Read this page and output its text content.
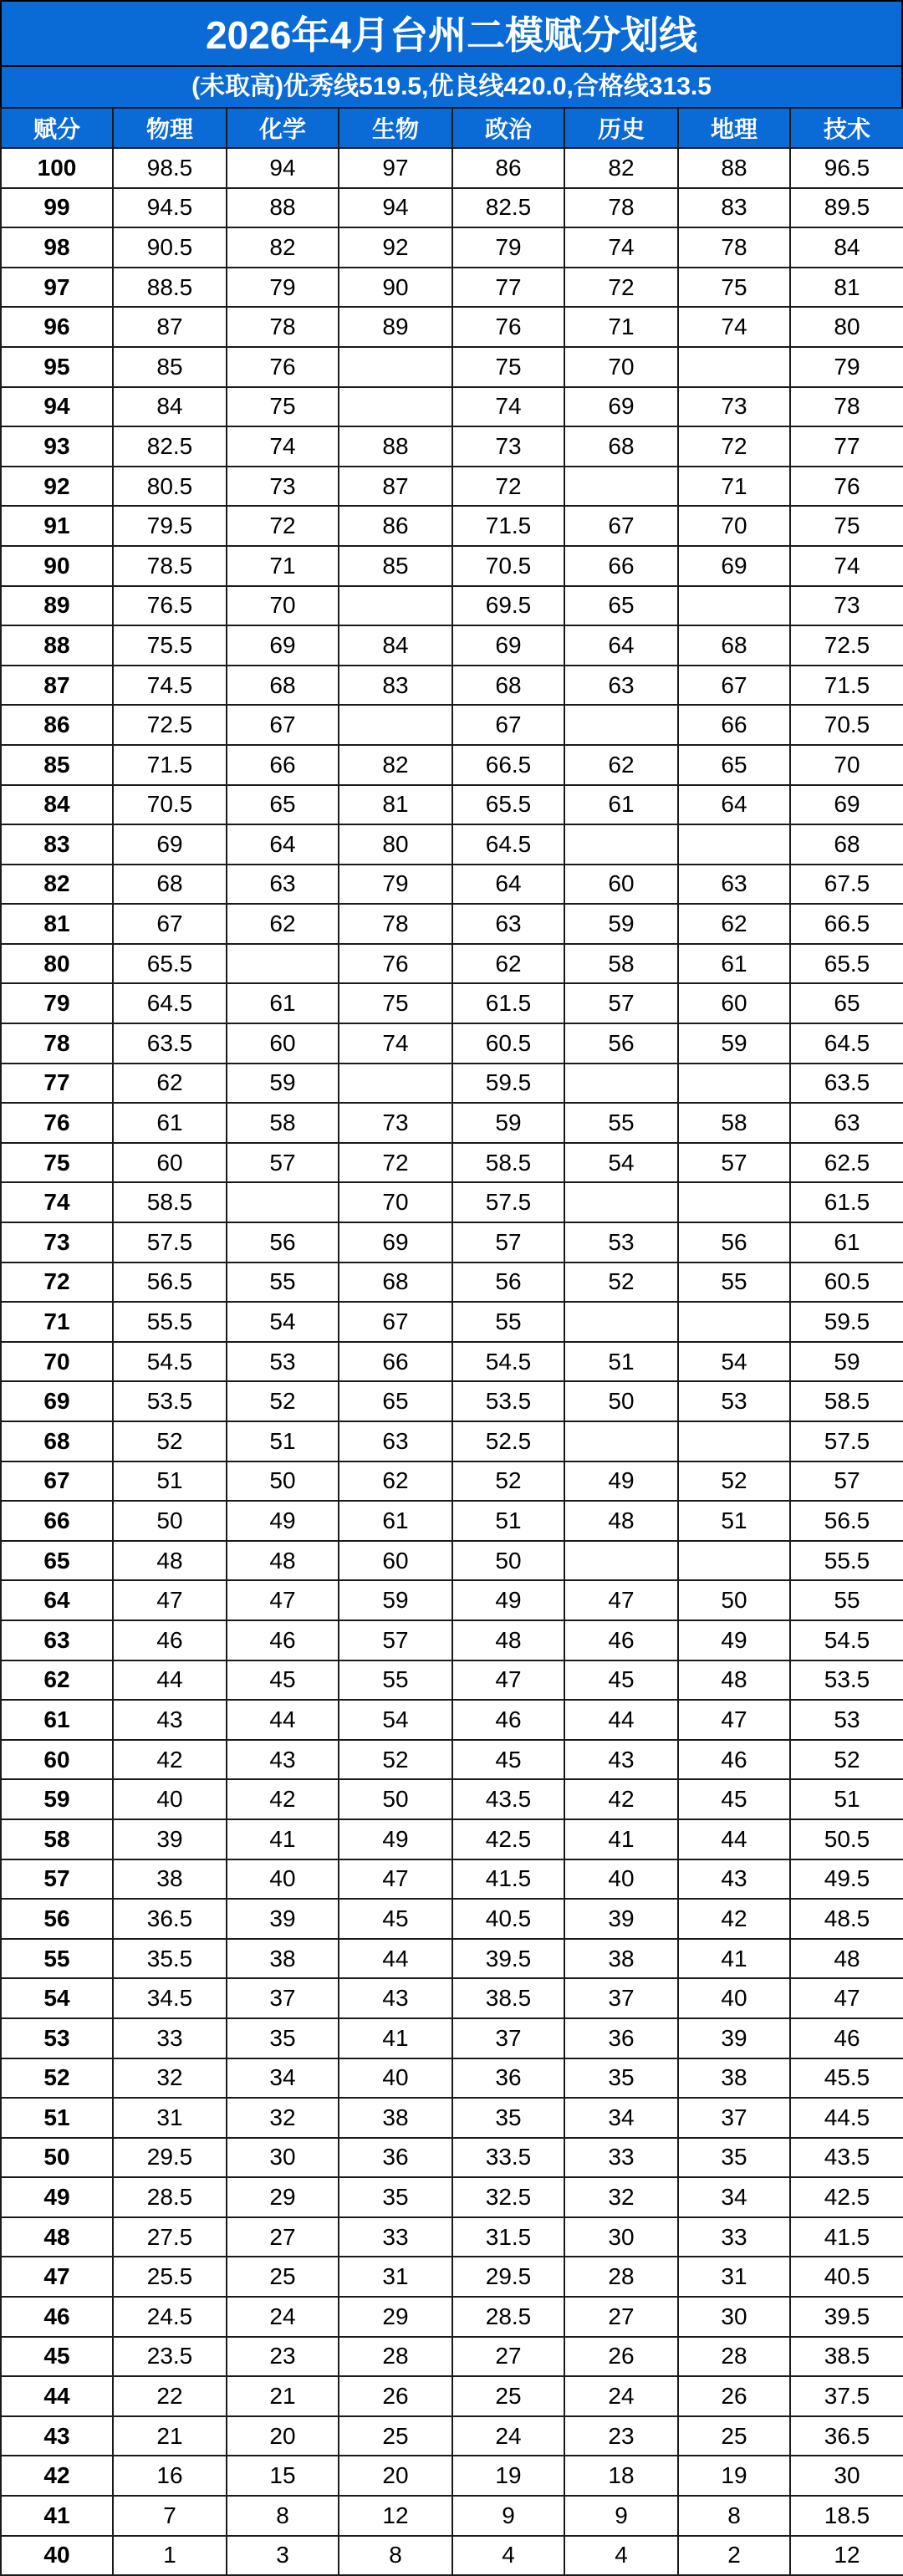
2026年4月台州二模赋分划线
(未取高)优秀线519.5,优良线420.0,合格线313.5
赋分	物理	化学	生物	政治	历史	地理	技术
100	98.5	94	97	86	82	88	96.5
99	94.5	88	94	82.5	78	83	89.5
98	90.5	82	92	79	74	78	84
97	88.5	79	90	77	72	75	81
96	87	78	89	76	71	74	80
95	85	76		75	70		79
94	84	75		74	69	73	78
93	82.5	74	88	73	68	72	77
92	80.5	73	87	72		71	76
91	79.5	72	86	71.5	67	70	75
90	78.5	71	85	70.5	66	69	74
89	76.5	70		69.5	65		73
88	75.5	69	84	69	64	68	72.5
87	74.5	68	83	68	63	67	71.5
86	72.5	67		67		66	70.5
85	71.5	66	82	66.5	62	65	70
84	70.5	65	81	65.5	61	64	69
83	69	64	80	64.5			68
82	68	63	79	64	60	63	67.5
81	67	62	78	63	59	62	66.5
80	65.5		76	62	58	61	65.5
79	64.5	61	75	61.5	57	60	65
78	63.5	60	74	60.5	56	59	64.5
77	62	59		59.5			63.5
76	61	58	73	59	55	58	63
75	60	57	72	58.5	54	57	62.5
74	58.5		70	57.5			61.5
73	57.5	56	69	57	53	56	61
72	56.5	55	68	56	52	55	60.5
71	55.5	54	67	55			59.5
70	54.5	53	66	54.5	51	54	59
69	53.5	52	65	53.5	50	53	58.5
68	52	51	63	52.5			57.5
67	51	50	62	52	49	52	57
66	50	49	61	51	48	51	56.5
65	48	48	60	50			55.5
64	47	47	59	49	47	50	55
63	46	46	57	48	46	49	54.5
62	44	45	55	47	45	48	53.5
61	43	44	54	46	44	47	53
60	42	43	52	45	43	46	52
59	40	42	50	43.5	42	45	51
58	39	41	49	42.5	41	44	50.5
57	38	40	47	41.5	40	43	49.5
56	36.5	39	45	40.5	39	42	48.5
55	35.5	38	44	39.5	38	41	48
54	34.5	37	43	38.5	37	40	47
53	33	35	41	37	36	39	46
52	32	34	40	36	35	38	45.5
51	31	32	38	35	34	37	44.5
50	29.5	30	36	33.5	33	35	43.5
49	28.5	29	35	32.5	32	34	42.5
48	27.5	27	33	31.5	30	33	41.5
47	25.5	25	31	29.5	28	31	40.5
46	24.5	24	29	28.5	27	30	39.5
45	23.5	23	28	27	26	28	38.5
44	22	21	26	25	24	26	37.5
43	21	20	25	24	23	25	36.5
42	16	15	20	19	18	19	30
41	7	8	12	9	9	8	18.5
40	1	3	8	4	4	2	12
